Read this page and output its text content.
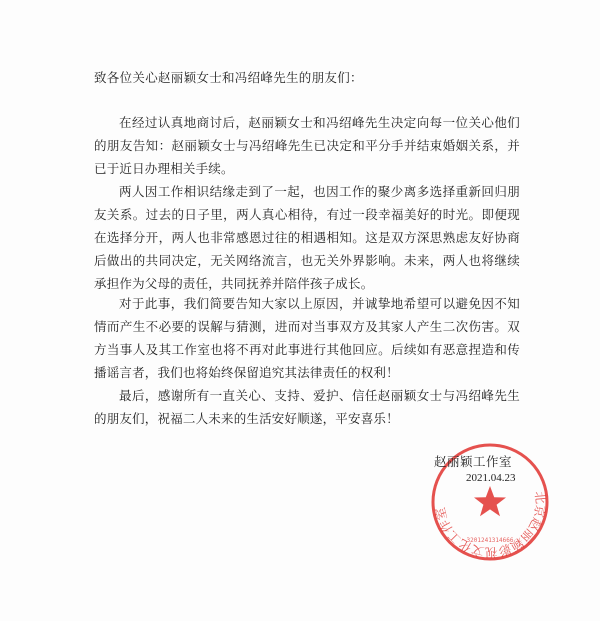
致各位关心赵丽颖女士和冯绍峰先生的朋友们：

在经过认真地商讨后，赵丽颖女士和冯绍峰先生决定向每一位关心他们的朋友告知：赵丽颖女士与冯绍峰先生已决定和平分手并结束婚姻关系，并已于近日办理相关手续。

两人因工作相识结缘走到了一起，也因工作的聚少离多选择重新回归朋友关系。过去的日子里，两人真心相待，有过一段幸福美好的时光。即便现在选择分开，两人也非常感恩过往的相遇相知。这是双方深思熟虑友好协商后做出的共同决定，无关网络流言，也无关外界影响。未来，两人也将继续承担作为父母的责任，共同抚养并陪伴孩子成长。

对于此事，我们简要告知大家以上原因，并诚挚地希望可以避免因不知情而产生不必要的误解与猜测，进而对当事双方及其家人产生二次伤害。双方当事人及其工作室也将不再对此事进行其他回应。后续如有恶意捏造和传播谣言者，我们也将始终保留追究其法律责任的权利！

最后，感谢所有一直关心、支持、爱护、信任赵丽颖女士与冯绍峰先生的朋友们，祝福二人未来的生活安好顺遂，平安喜乐！

北京赵丽颖影视文化工作室
3201241314666
赵丽颖工作室
2021.04.23
